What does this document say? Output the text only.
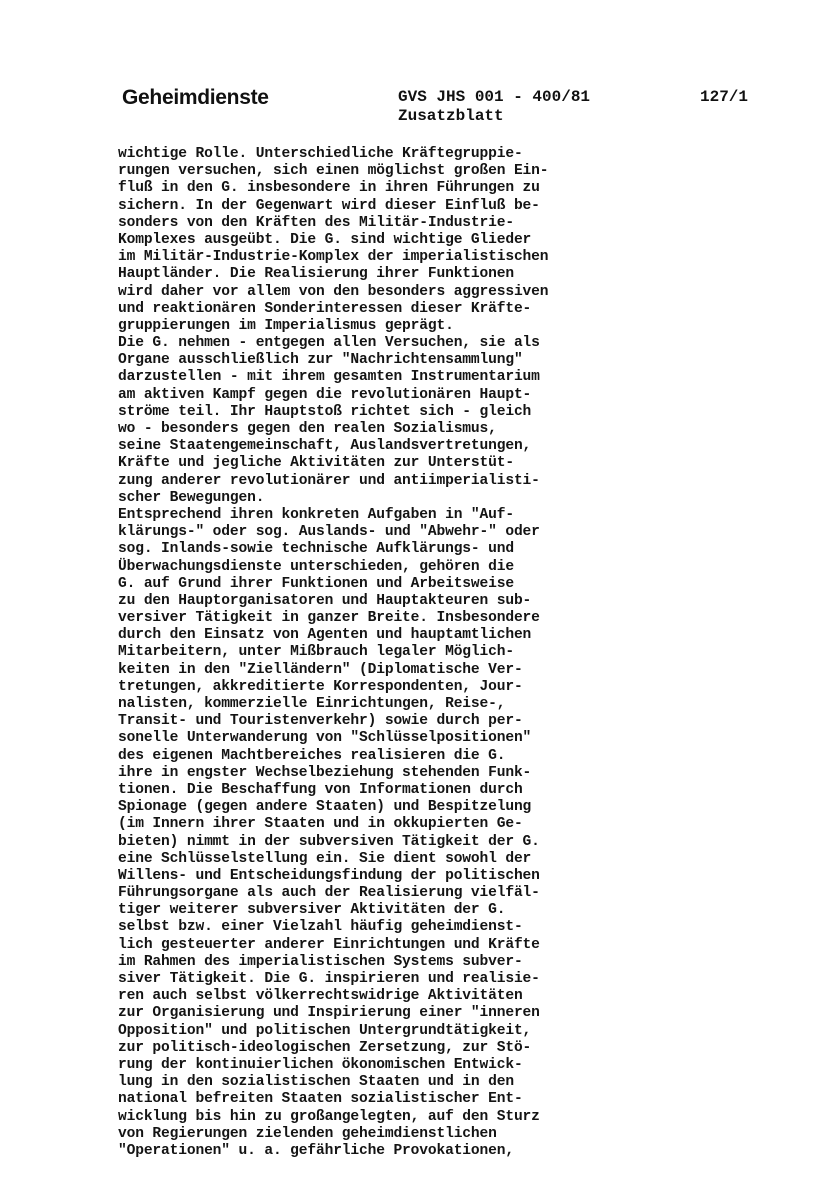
Geheimdienste	GVS JHS 001 - 400/81
Zusatzblatt
127/1
wichtige Rolle. Unterschiedliche Kräftegruppie-
rungen versuchen, sich einen möglichst großen Ein-
fluß in den G. insbesondere in ihren Führungen zu
sichern. In der Gegenwart wird dieser Einfluß be-
sonders von den Kräften des Militär-Industrie-
Komplexes ausgeübt. Die G. sind wichtige Glieder
im Militär-Industrie-Komplex der imperialistischen
Hauptländer. Die Realisierung ihrer Funktionen
wird daher vor allem von den besonders aggressiven
und reaktionären Sonderinteressen dieser Kräfte-
gruppierungen im Imperialismus geprägt.
Die G. nehmen - entgegen allen Versuchen, sie als
Organe ausschließlich zur "Nachrichtensammlung"
darzustellen - mit ihrem gesamten Instrumentarium
am aktiven Kampf gegen die revolutionären Haupt-
ströme teil. Ihr Hauptstoß richtet sich - gleich
wo - besonders gegen den realen Sozialismus,
seine Staatengemeinschaft, Auslandsvertretungen,
Kräfte und jegliche Aktivitäten zur Unterstüt-
zung anderer revolutionärer und antiimperialisti-
scher Bewegungen.
Entsprechend ihren konkreten Aufgaben in "Auf-
klärungs-" oder sog. Auslands- und "Abwehr-" oder
sog. Inlands-sowie technische Aufklärungs- und
Überwachungsdienste unterschieden, gehören die
G. auf Grund ihrer Funktionen und Arbeitsweise
zu den Hauptorganisatoren und Hauptakteuren sub-
versiver Tätigkeit in ganzer Breite. Insbesondere
durch den Einsatz von Agenten und hauptamtlichen
Mitarbeitern, unter Mißbrauch legaler Möglich-
keiten in den "Zielländern" (Diplomatische Ver-
tretungen, akkreditierte Korrespondenten, Jour-
nalisten, kommerzielle Einrichtungen, Reise-,
Transit- und Touristenverkehr) sowie durch per-
sonelle Unterwanderung von "Schlüsselpositionen"
des eigenen Machtbereiches realisieren die G.
ihre in engster Wechselbeziehung stehenden Funk-
tionen. Die Beschaffung von Informationen durch
Spionage (gegen andere Staaten) und Bespitzelung
(im Innern ihrer Staaten und in okkupierten Ge-
bieten) nimmt in der subversiven Tätigkeit der G.
eine Schlüsselstellung ein. Sie dient sowohl der
Willens- und Entscheidungsfindung der politischen
Führungsorgane als auch der Realisierung vielfäl-
tiger weiterer subversiver Aktivitäten der G.
selbst bzw. einer Vielzahl häufig geheimdienst-
lich gesteuerter anderer Einrichtungen und Kräfte
im Rahmen des imperialistischen Systems subver-
siver Tätigkeit. Die G. inspirieren und realisie-
ren auch selbst völkerrechtswidrige Aktivitäten
zur Organisierung und Inspirierung einer "inneren
Opposition" und politischen Untergrundtätigkeit,
zur politisch-ideologischen Zersetzung, zur Stö-
rung der kontinuierlichen ökonomischen Entwick-
lung in den sozialistischen Staaten und in den
national befreiten Staaten sozialistischer Ent-
wicklung bis hin zu großangelegten, auf den Sturz
von Regierungen zielenden geheimdienstlichen
"Operationen" u. a. gefährliche Provokationen,
